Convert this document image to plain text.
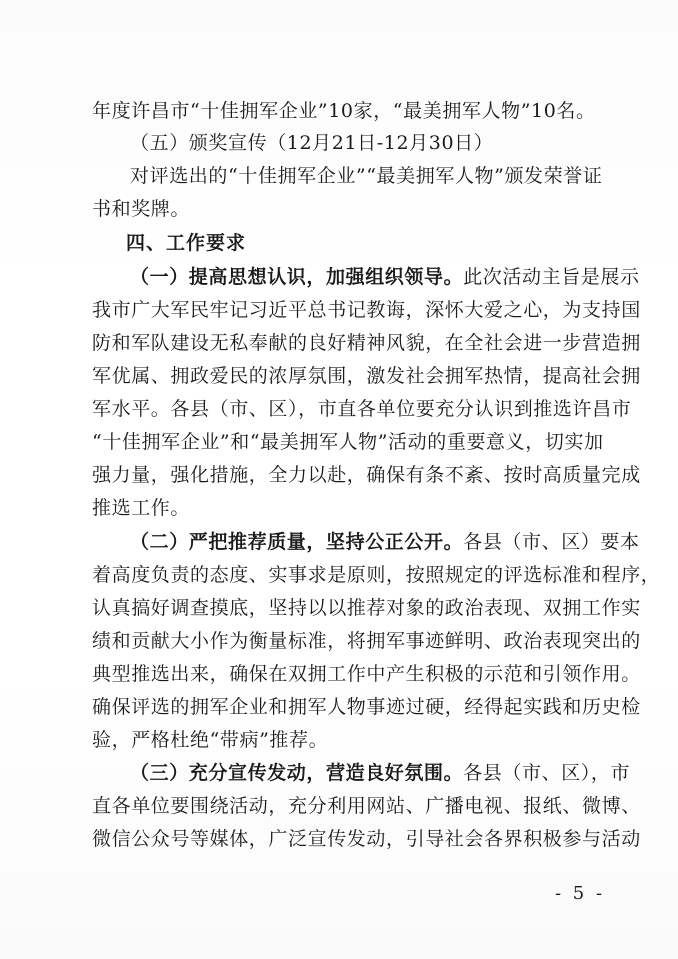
年度许昌市“十佳拥军企业”10家，“最美拥军人物”10名。
（五）颁奖宣传（12月21日-12月30日）
对评选出的“十佳拥军企业”“最美拥军人物”颁发荣誉证
书和奖牌。
四、工作要求
（一）提高思想认识，加强组织领导。此次活动主旨是展示
我市广大军民牢记习近平总书记教诲，深怀大爱之心，为支持国
防和军队建设无私奉献的良好精神风貌，在全社会进一步营造拥
军优属、拥政爱民的浓厚氛围，激发社会拥军热情，提高社会拥
军水平。各县（市、区），市直各单位要充分认识到推选许昌市
“十佳拥军企业”和“最美拥军人物”活动的重要意义，切实加
强力量，强化措施，全力以赴，确保有条不紊、按时高质量完成
推选工作。
（二）严把推荐质量，坚持公正公开。各县（市、区）要本
着高度负责的态度、实事求是原则，按照规定的评选标准和程序，
认真搞好调查摸底，坚持以以推荐对象的政治表现、双拥工作实
绩和贡献大小作为衡量标准，将拥军事迹鲜明、政治表现突出的
典型推选出来，确保在双拥工作中产生积极的示范和引领作用。
确保评选的拥军企业和拥军人物事迹过硬，经得起实践和历史检
验，严格杜绝“带病”推荐。
（三）充分宣传发动，营造良好氛围。各县（市、区），市
直各单位要围绕活动，充分利用网站、广播电视、报纸、微博、
微信公众号等媒体，广泛宣传发动，引导社会各界积极参与活动
- 5 -
